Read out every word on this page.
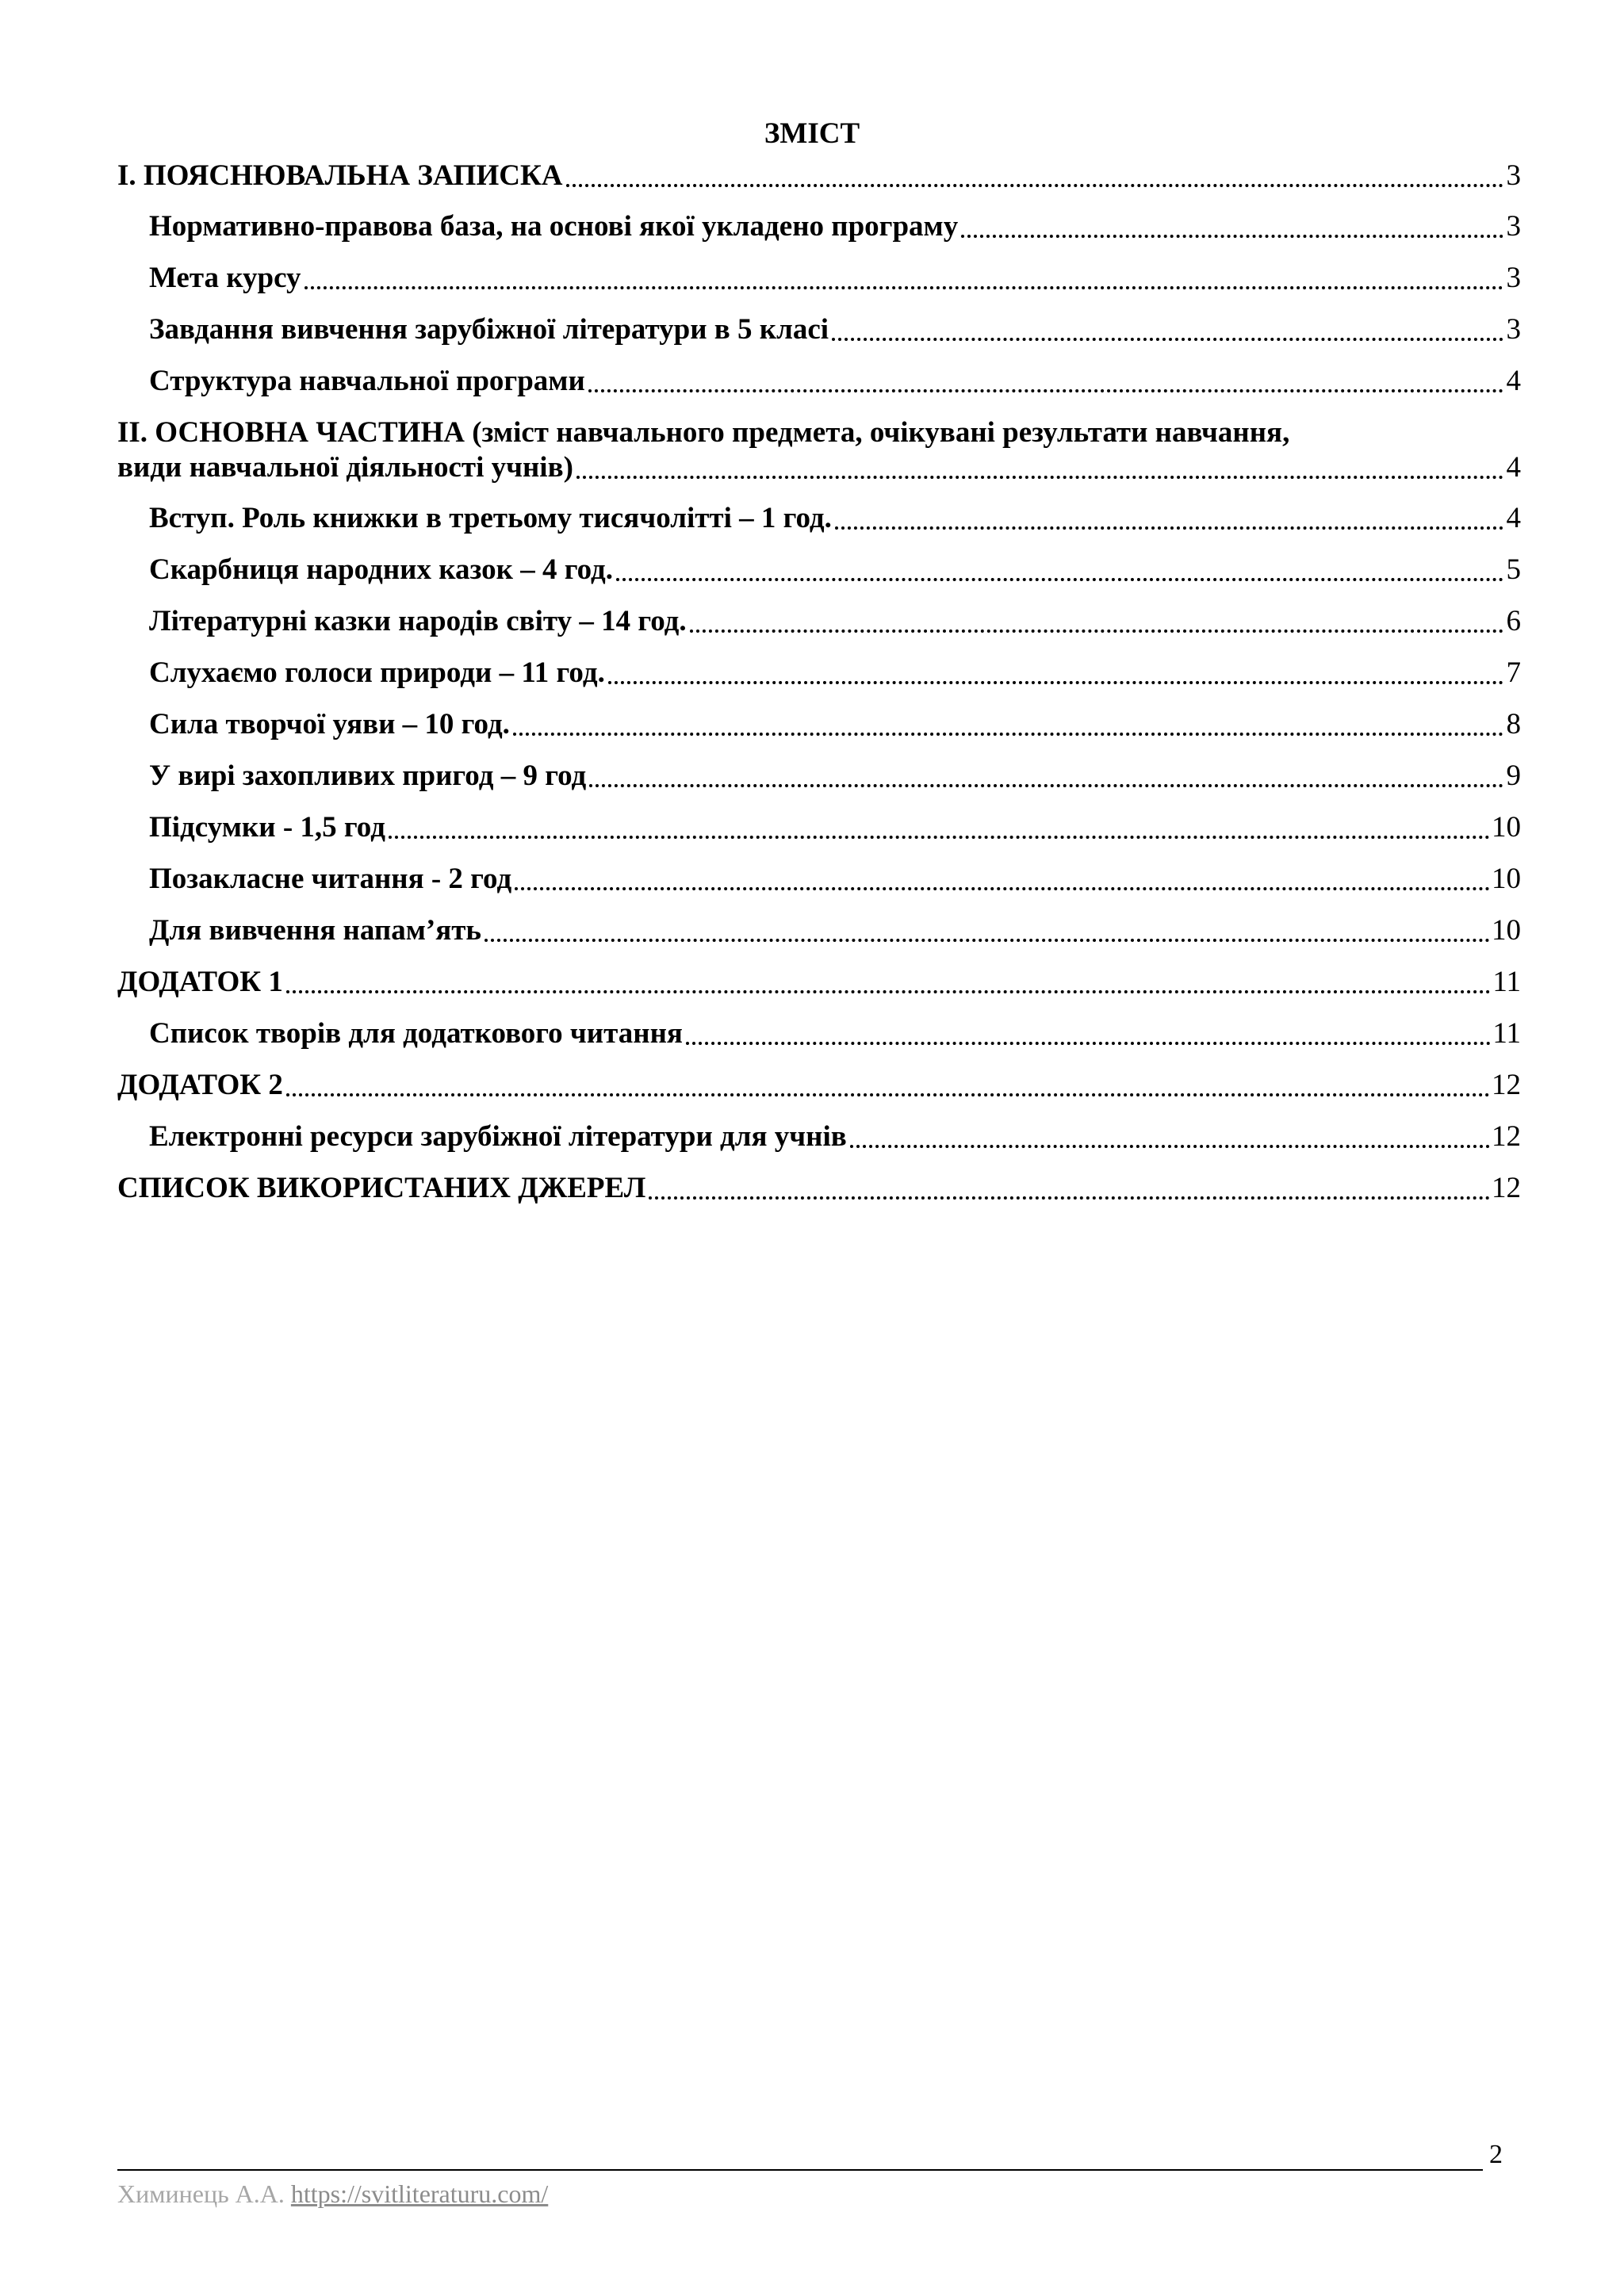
ЗМІСТ
I. ПОЯСНЮВАЛЬНА ЗАПИСКА	3
Нормативно-правова база, на основі якої укладено програму	3
Мета курсу	3
Завдання вивчення зарубіжної літератури в 5 класі	3
Структура навчальної програми	4
II. ОСНОВНА ЧАСТИНА (зміст навчального предмета, очікувані результати навчання,
види навчальної діяльності учнів)	4
Вступ. Роль книжки в третьому тисячолітті – 1 год.	4
Скарбниця народних казок – 4 год.	5
Літературні казки народів світу – 14 год.	6
Слухаємо голоси природи – 11 год.	7
Сила творчої уяви – 10 год.	8
У вирі захопливих пригод – 9 год	9
Підсумки - 1,5 год	10
Позакласне читання - 2 год	10
Для вивчення напам’ять	10
ДОДАТОК 1	11
Список творів для додаткового читання	11
ДОДАТОК 2	12
Електронні ресурси зарубіжної літератури для учнів	12
СПИСОК ВИКОРИСТАНИХ ДЖЕРЕЛ	12
2
Химинець А.А. https://svitliteraturu.com/
